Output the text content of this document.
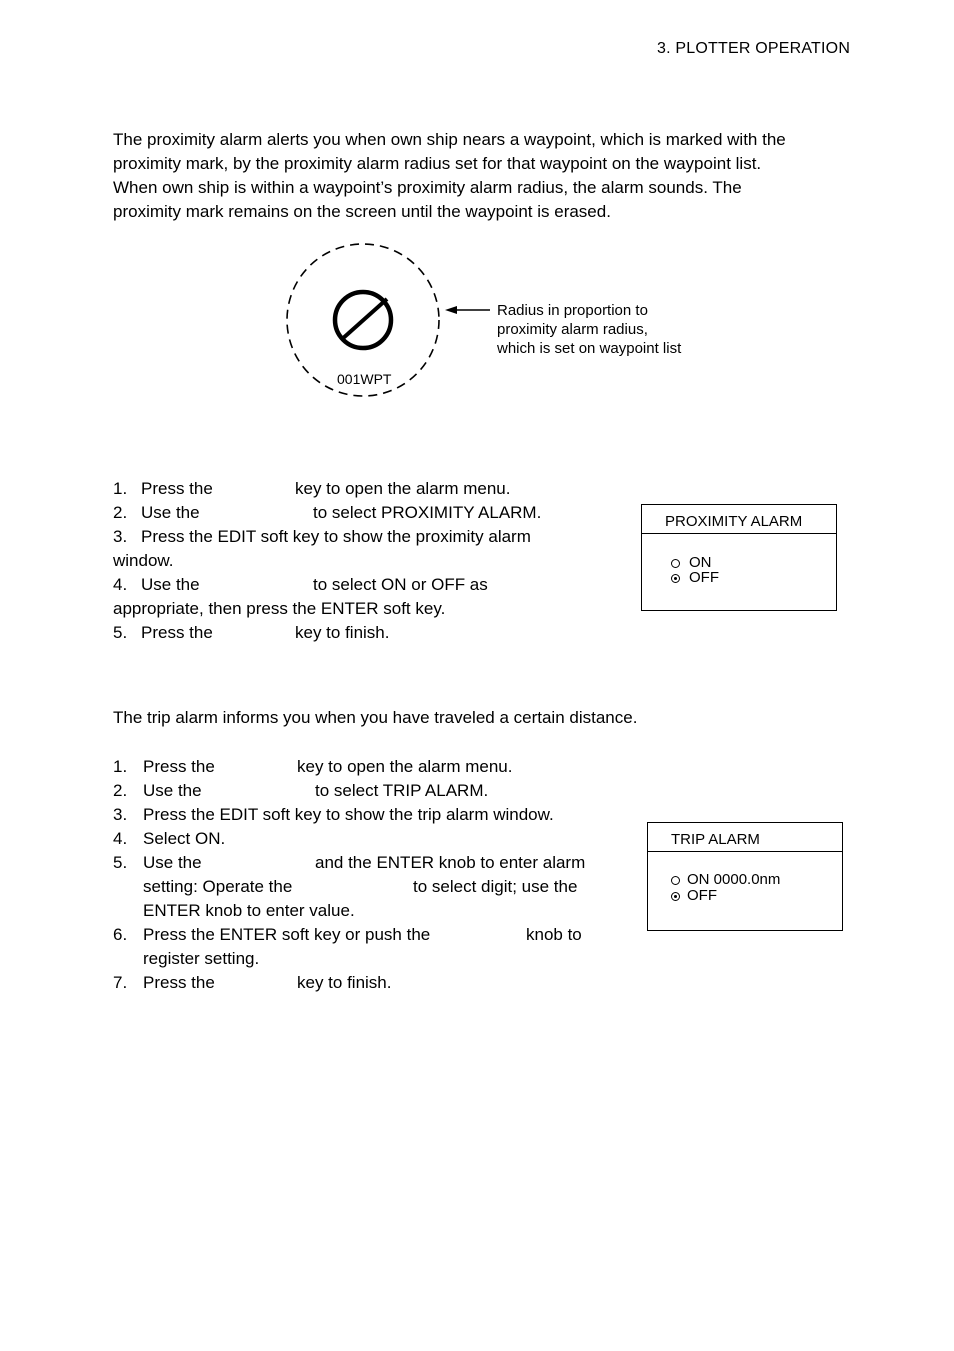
3. PLOTTER OPERATION
The proximity alarm alerts you when own ship nears a waypoint, which is marked with the
proximity mark, by the proximity alarm radius set for that waypoint on the waypoint list.
When own ship is within a waypoint’s proximity alarm radius, the alarm sounds. The
proximity mark remains on the screen until the waypoint is erased.
001WPT
Radius in proportion to
proximity alarm radius,
which is set on waypoint list
1. Press the	key to open the alarm menu.
2. Use the	to select PROXIMITY ALARM.
3. Press the EDIT soft key to show the proximity alarm
window.
4. Use the	to select ON or OFF as
appropriate, then press the ENTER soft key.
5. Press the	key to finish.
PROXIMITY ALARM
ON
OFF
The trip alarm informs you when you have traveled a certain distance.
1. Press the	key to open the alarm menu.
2. Use the	to select TRIP ALARM.
3. Press the EDIT soft key to show the trip alarm window.
4. Select ON.
5. Use the	and the ENTER knob to enter alarm
setting: Operate the	to select digit; use the
ENTER knob to enter value.
6. Press the ENTER soft key or push the	knob to
register setting.
7. Press the	key to finish.
TRIP ALARM
ON 0000.0nm
OFF
